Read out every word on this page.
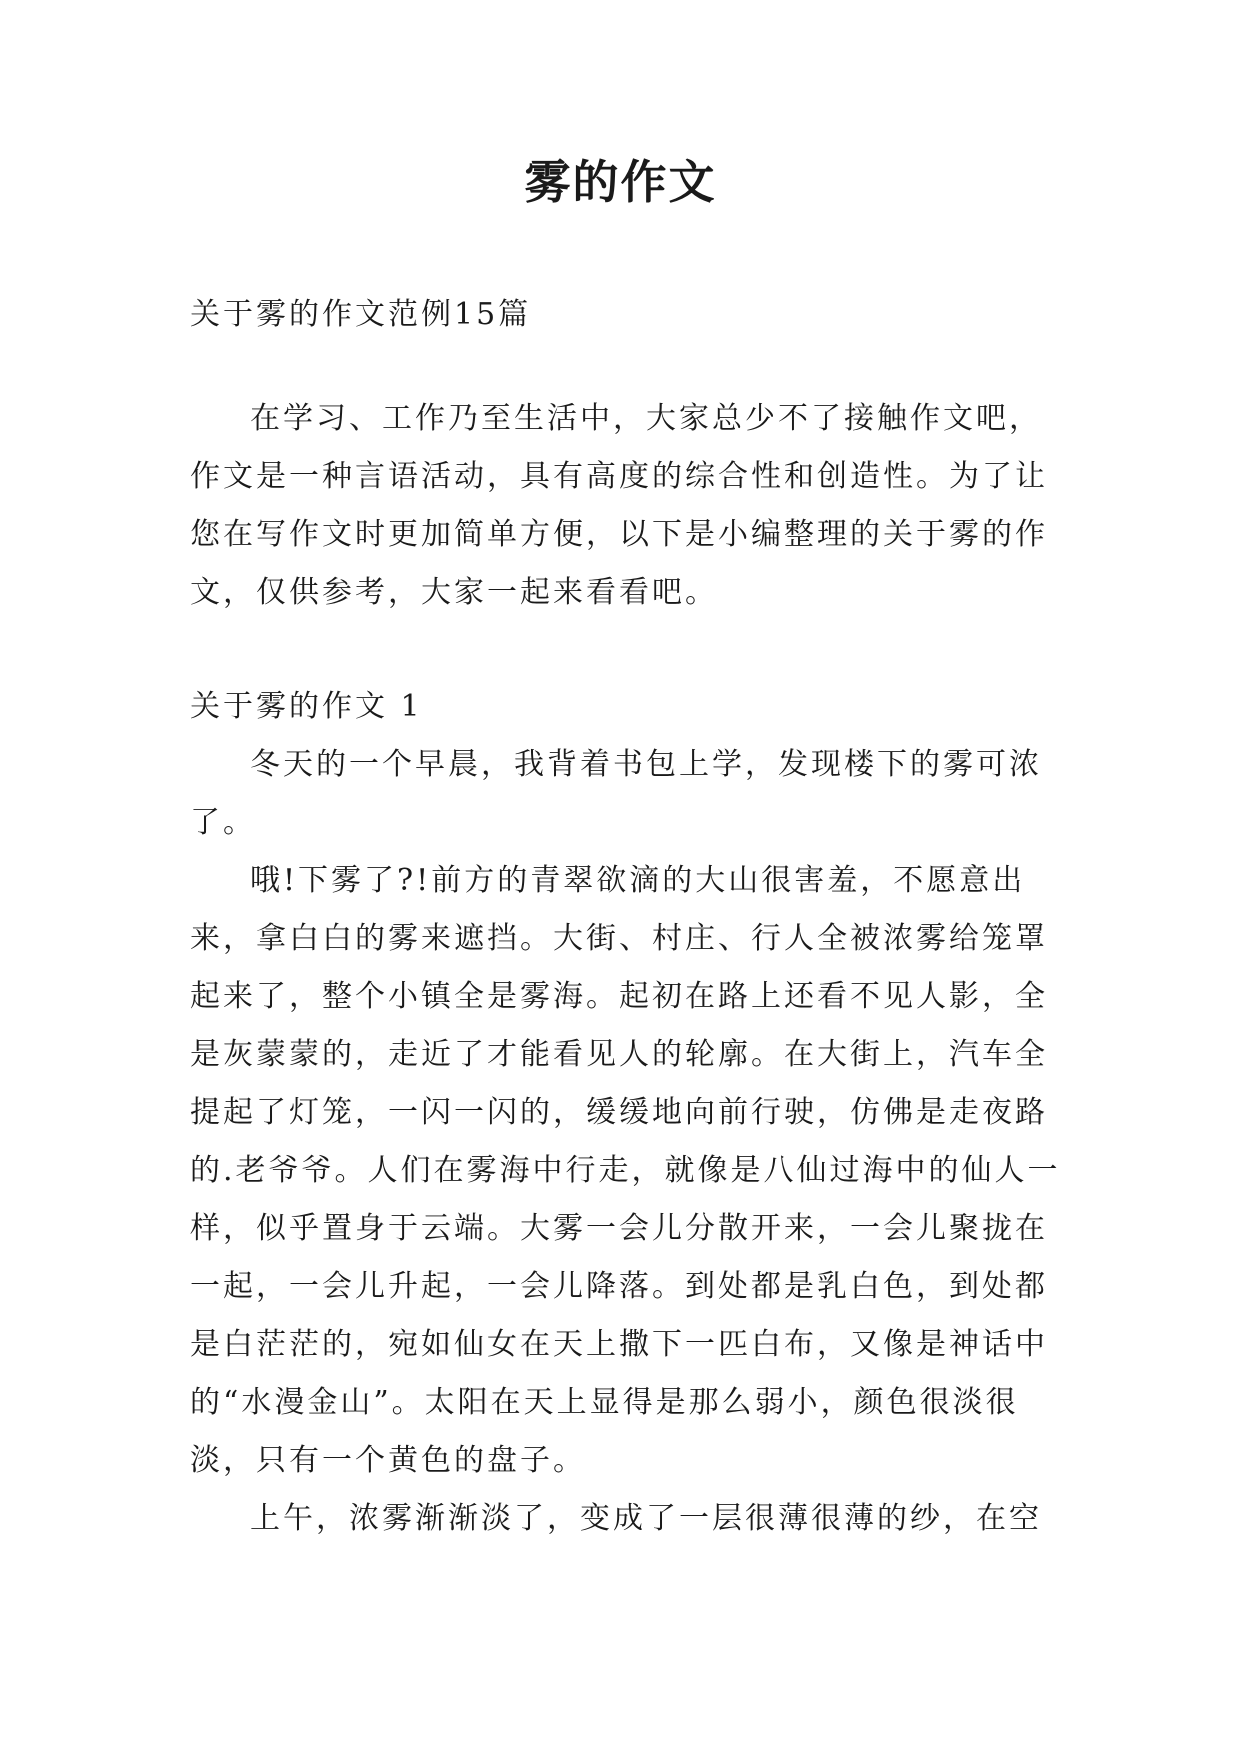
雾的作文

关于雾的作文范例15篇

在学习、工作乃至生活中，大家总少不了接触作文吧，作文是一种言语活动，具有高度的综合性和创造性。为了让您在写作文时更加简单方便，以下是小编整理的关于雾的作文，仅供参考，大家一起来看看吧。

关于雾的作文 1

冬天的一个早晨，我背着书包上学，发现楼下的雾可浓了。

哦!下雾了?!前方的青翠欲滴的大山很害羞，不愿意出来，拿白白的雾来遮挡。大街、村庄、行人全被浓雾给笼罩起来了，整个小镇全是雾海。起初在路上还看不见人影，全是灰蒙蒙的，走近了才能看见人的轮廓。在大街上，汽车全提起了灯笼，一闪一闪的，缓缓地向前行驶，仿佛是走夜路的.老爷爷。人们在雾海中行走，就像是八仙过海中的仙人一样，似乎置身于云端。大雾一会儿分散开来，一会儿聚拢在一起，一会儿升起，一会儿降落。到处都是乳白色，到处都是白茫茫的，宛如仙女在天上撒下一匹白布，又像是神话中的“水漫金山”。太阳在天上显得是那么弱小，颜色很淡很淡，只有一个黄色的盘子。

上午，浓雾渐渐淡了，变成了一层很薄很薄的纱，在空
